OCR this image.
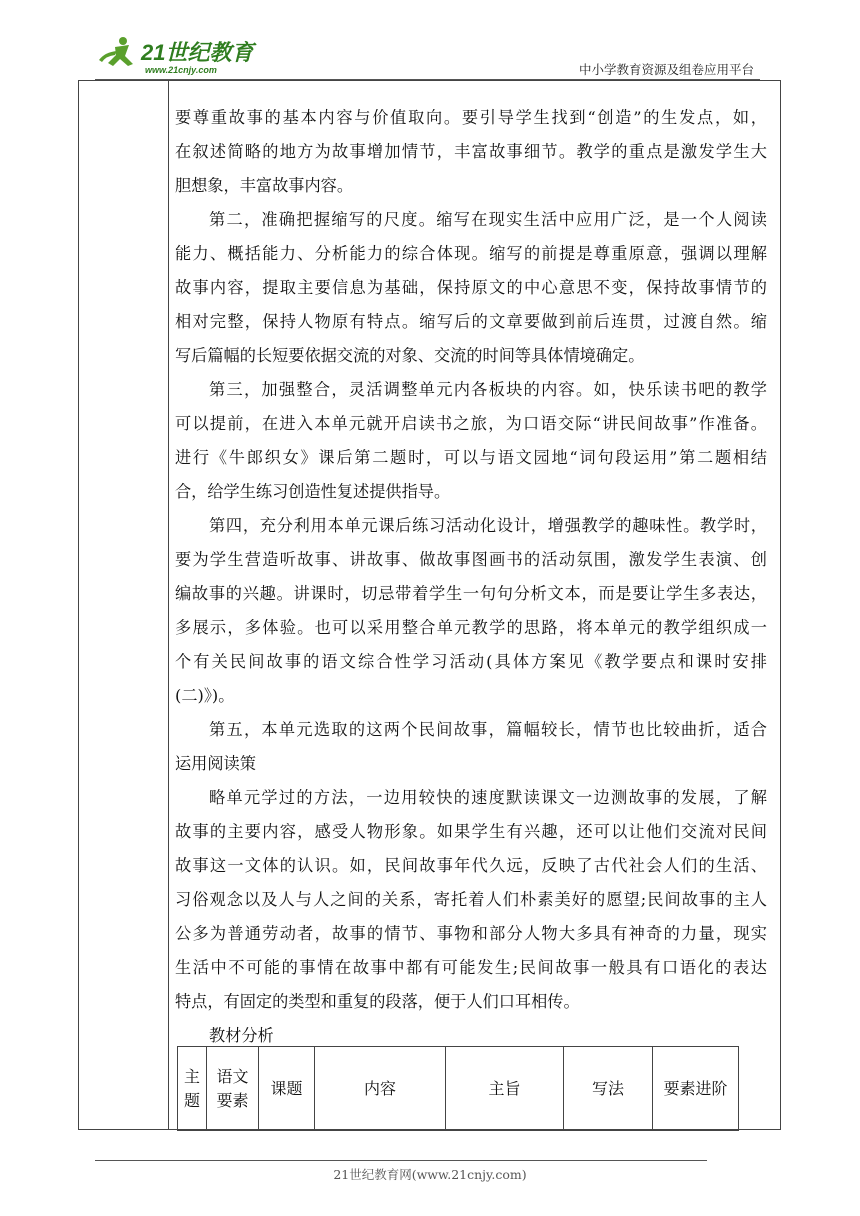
21世纪教育
www.21cnjy.com	中小学教育资源及组卷应用平台
要尊重故事的基本内容与价值取向。要引导学生找到“创造”的生发点，如，
在叙述简略的地方为故事增加情节，丰富故事细节。教学的重点是激发学生大
胆想象，丰富故事内容。
第二，准确把握缩写的尺度。缩写在现实生活中应用广泛，是一个人阅读
能力、概括能力、分析能力的综合体现。缩写的前提是尊重原意，强调以理解
故事内容，提取主要信息为基础，保持原文的中心意思不变，保持故事情节的
相对完整，保持人物原有特点。缩写后的文章要做到前后连贯，过渡自然。缩
写后篇幅的长短要依据交流的对象、交流的时间等具体情境确定。
第三，加强整合，灵活调整单元内各板块的内容。如，快乐读书吧的教学
可以提前，在进入本单元就开启读书之旅，为口语交际“讲民间故事”作准备。
进行《牛郎织女》课后第二题时，可以与语文园地“词句段运用”第二题相结
合，给学生练习创造性复述提供指导。
第四，充分利用本单元课后练习活动化设计，增强教学的趣味性。教学时，
要为学生营造听故事、讲故事、做故事图画书的活动氛围，激发学生表演、创
编故事的兴趣。讲课时，切忌带着学生一句句分析文本，而是要让学生多表达，
多展示，多体验。也可以采用整合单元教学的思路，将本单元的教学组织成一
个有关民间故事的语文综合性学习活动(具体方案见《教学要点和课时安排
(二)》)。
第五，本单元选取的这两个民间故事，篇幅较长，情节也比较曲折，适合
运用阅读策
略单元学过的方法，一边用较快的速度默读课文一边测故事的发展，了解
故事的主要内容，感受人物形象。如果学生有兴趣，还可以让他们交流对民间
故事这一文体的认识。如，民间故事年代久远，反映了古代社会人们的生活、
习俗观念以及人与人之间的关系，寄托着人们朴素美好的愿望;民间故事的主人
公多为普通劳动者，故事的情节、事物和部分人物大多具有神奇的力量，现实
生活中不可能的事情在故事中都有可能发生;民间故事一般具有口语化的表达
特点，有固定的类型和重复的段落，便于人们口耳相传。
教材分析
主题	语文要素	课题	内容	主旨	写法	要素进阶
21世纪教育网(www.21cnjy.com)
